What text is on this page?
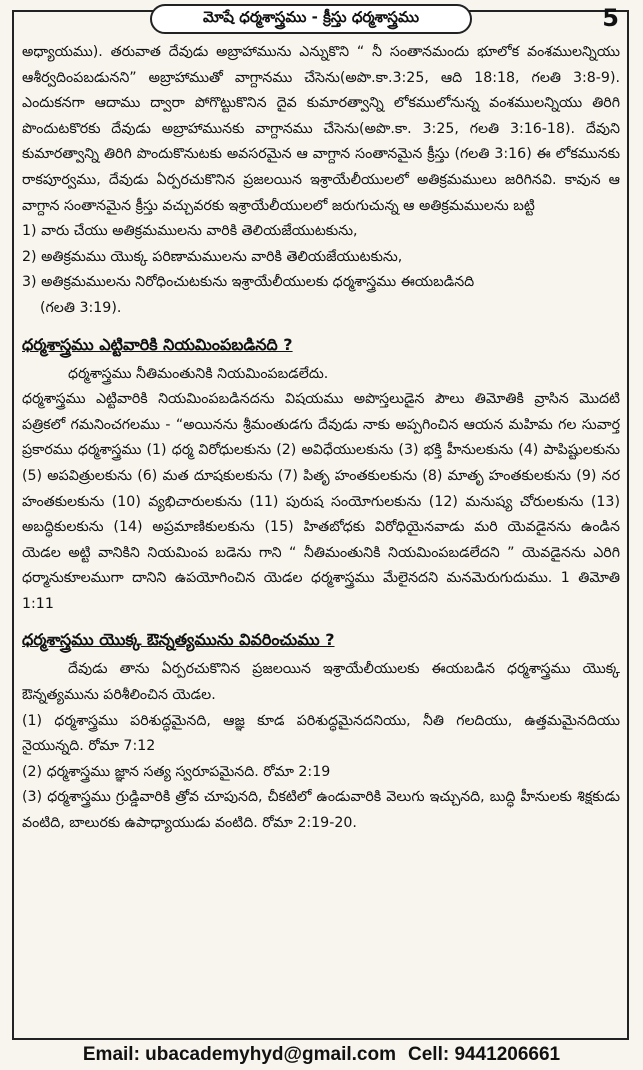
మోషే ధర్మశాస్త్రము - క్రీస్తు ధర్మశాస్త్రము	5

అధ్యాయము). తరువాత దేవుడు అబ్రాహామును ఎన్నుకొని “ నీ సంతానమందు భూలోక వంశములన్నియు ఆశీర్వదింపబడునని” అబ్రాహాముతో వాగ్దానము చేసెను(అపొ.కా.3:25, ఆది 18:18, గలతి 3:8-9). ఎందుకనగా ఆదాము ద్వారా పోగొట్టుకొనిన దైవ కుమారత్వాన్ని లోకములోనున్న వంశములన్నియు తిరిగి పొందుటకొరకు దేవుడు అబ్రాహామునకు వాగ్దానము చేసెను(అపొ.కా. 3:25, గలతి 3:16-18). దేవుని కుమారత్వాన్ని తిరిగి పొందుకొనుటకు అవసరమైన ఆ వాగ్దాన సంతానమైన క్రీస్తు (గలతి 3:16) ఈ లోకమునకు రాకపూర్వము, దేవుడు ఏర్పరచుకొనిన ప్రజలయిన ఇశ్రాయేలీయులలో అతిక్రమములు జరిగినవి. కావున ఆ వాగ్దాన సంతానమైన క్రీస్తు వచ్చువరకు ఇశ్రాయేలీయులలో జరుగుచున్న ఆ అతిక్రమములను బట్టి

1) వారు చేయు అతిక్రమములను వారికి తెలియజేయుటకును,

2) అతిక్రమము యొక్క పరిణామములను వారికి తెలియజేయుటకును,

3) అతిక్రమములను నిరోధించుటకును ఇశ్రాయేలీయులకు ధర్మశాస్త్రము ఈయబడినది

(గలతి 3:19).

ధర్మశాస్త్రము ఎట్టివారికి నియమింపబడినది ?

ధర్మశాస్త్రము నీతిమంతునికి నియమింపబడలేదు.

ధర్మశాస్త్రము ఎట్టివారికి నియమింపబడినదను విషయము అపొస్తలుడైన పౌలు తిమోతికి వ్రాసిన మొదటి పత్రికలో గమనించగలము - “అయినను శ్రీమంతుడగు దేవుడు నాకు అప్పగించిన ఆయన మహిమ గల సువార్త ప్రకారము ధర్మశాస్త్రము (1) ధర్మ విరోధులకును (2) అవిధేయులకును (3) భక్తి హీనులకును (4) పాపిష్టులకును (5) అపవిత్రులకును (6) మత దూషకులకును (7) పితృ హంతకులకును (8) మాతృ హంతకులకును (9) నర హంతకులకును (10) వ్యభిచారులకును (11) పురుష సంయోగులకును (12) మనుష్య చోరులకును (13) అబద్ధికులకును (14) అప్రమాణికులకును (15) హితబోధకు విరోధియైనవాడు మరి యెవడైనను ఉండిన యెడల అట్టి వానికిని నియమింప బడెను గాని “ నీతిమంతునికి నియమింపబడలేదని ” యెవడైనను ఎరిగి ధర్మానుకూలముగా దానిని ఉపయోగించిన యెడల ధర్మశాస్త్రము మేలైనదని మనమెరుగుదుము. 1 తిమోతి 1:11

ధర్మశాస్త్రము యొక్క ఔన్నత్యమును వివరించుము ?

దేవుడు తాను ఏర్పరచుకొనిన ప్రజలయిన ఇశ్రాయేలీయులకు ఈయబడిన ధర్మశాస్త్రము యొక్క ఔన్నత్యమును పరిశీలించిన యెడల.

(1) ధర్మశాస్త్రము పరిశుద్ధమైనది, ఆజ్ఞ కూడ పరిశుద్ధమైనదనియు, నీతి గలదియు, ఉత్తమమైనదియు నైయున్నది. రోమా 7:12

(2) ధర్మశాస్త్రము జ్ఞాన సత్య స్వరూపమైనది. రోమా 2:19

(3) ధర్మశాస్త్రము గ్రుడ్డివారికి త్రోవ చూపునది, చీకటిలో ఉండువారికి వెలుగు ఇచ్చునది, బుద్ధి హీనులకు శిక్షకుడు వంటిది, బాలురకు ఉపాధ్యాయుడు వంటిది. రోమా 2:19-20.

Email: ubacademyhyd@gmail.com Cell: 9441206661
